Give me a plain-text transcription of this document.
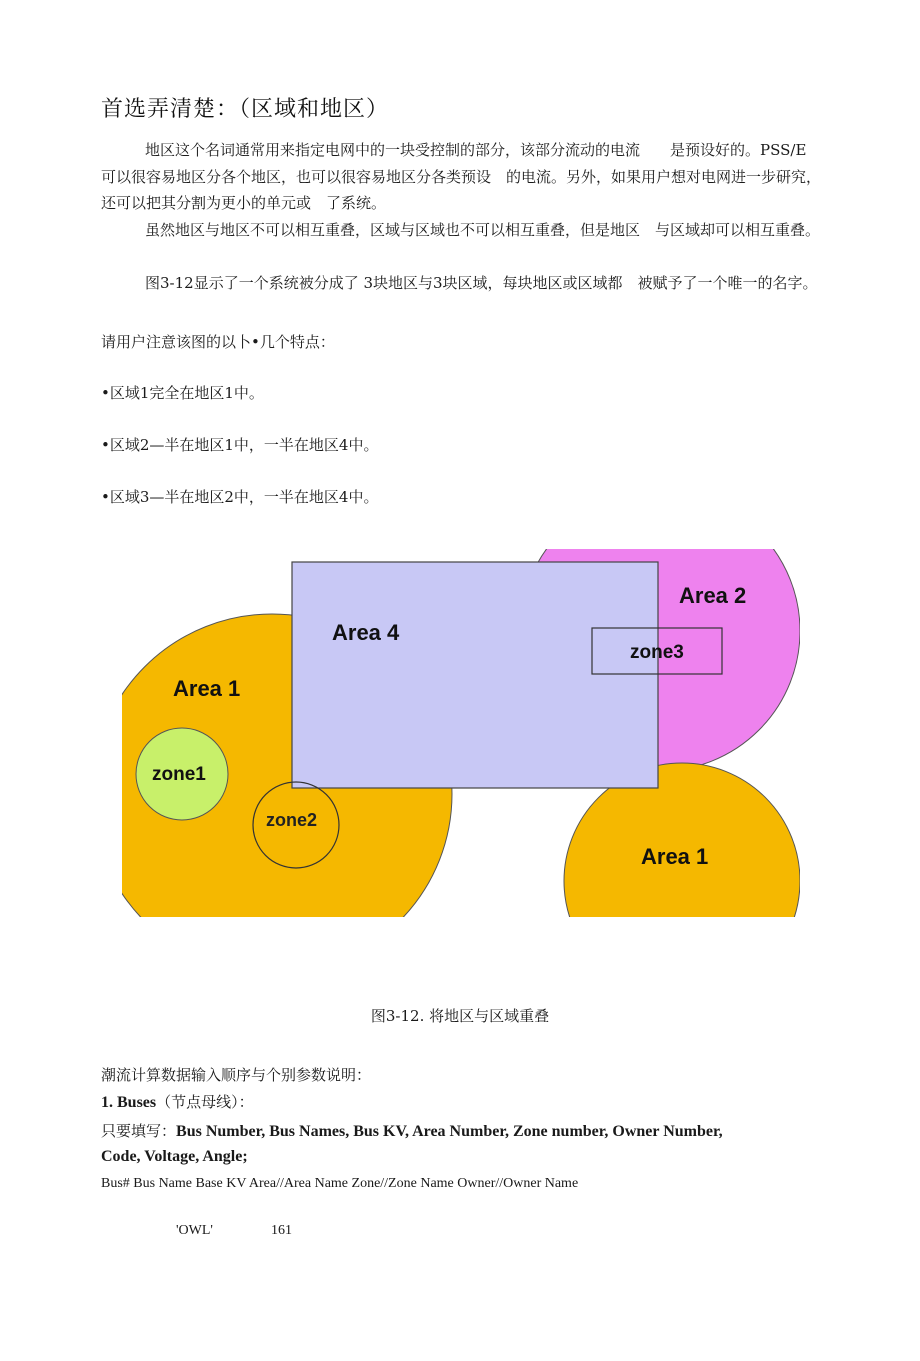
首选弄清楚：（区域和地区）

地区这个名词通常用来指定电网中的一块受控制的部分，该部分流动的电流　　是预设好的。PSS/E可以很容易地区分各个地区，也可以很容易地区分各类预设　的电流。另外，如果用户想对电网进一步研究，还可以把其分割为更小的单元或　了系统。

虽然地区与地区不可以相互重叠，区域与区域也不可以相互重叠，但是地区　与区域却可以相互重叠。

图3-12显示了一个系统被分成了 3块地区与3块区域，每块地区或区域都　被赋予了一个唯一的名字。

请用户注意该图的以卜•几个特点：
•区域1完全在地区1中。
•区域2—半在地区1中，一半在地区4中。
•区域3—半在地区2中，一半在地区4中。
Area 4
Area 2
Area 1
Area 1
zone1
zone2
zone3
图3-12. 将地区与区域重叠
潮流计算数据输入顺序与个别参数说明：
1. Buses（节点母线）：
只要填写：Bus Number, Bus Names, Bus KV, Area Number, Zone number, Owner Number,
Code, Voltage, Angle;
Bus# Bus Name Base KV Area//Area Name Zone//Zone Name Owner//Owner Name
'OWL'	161
